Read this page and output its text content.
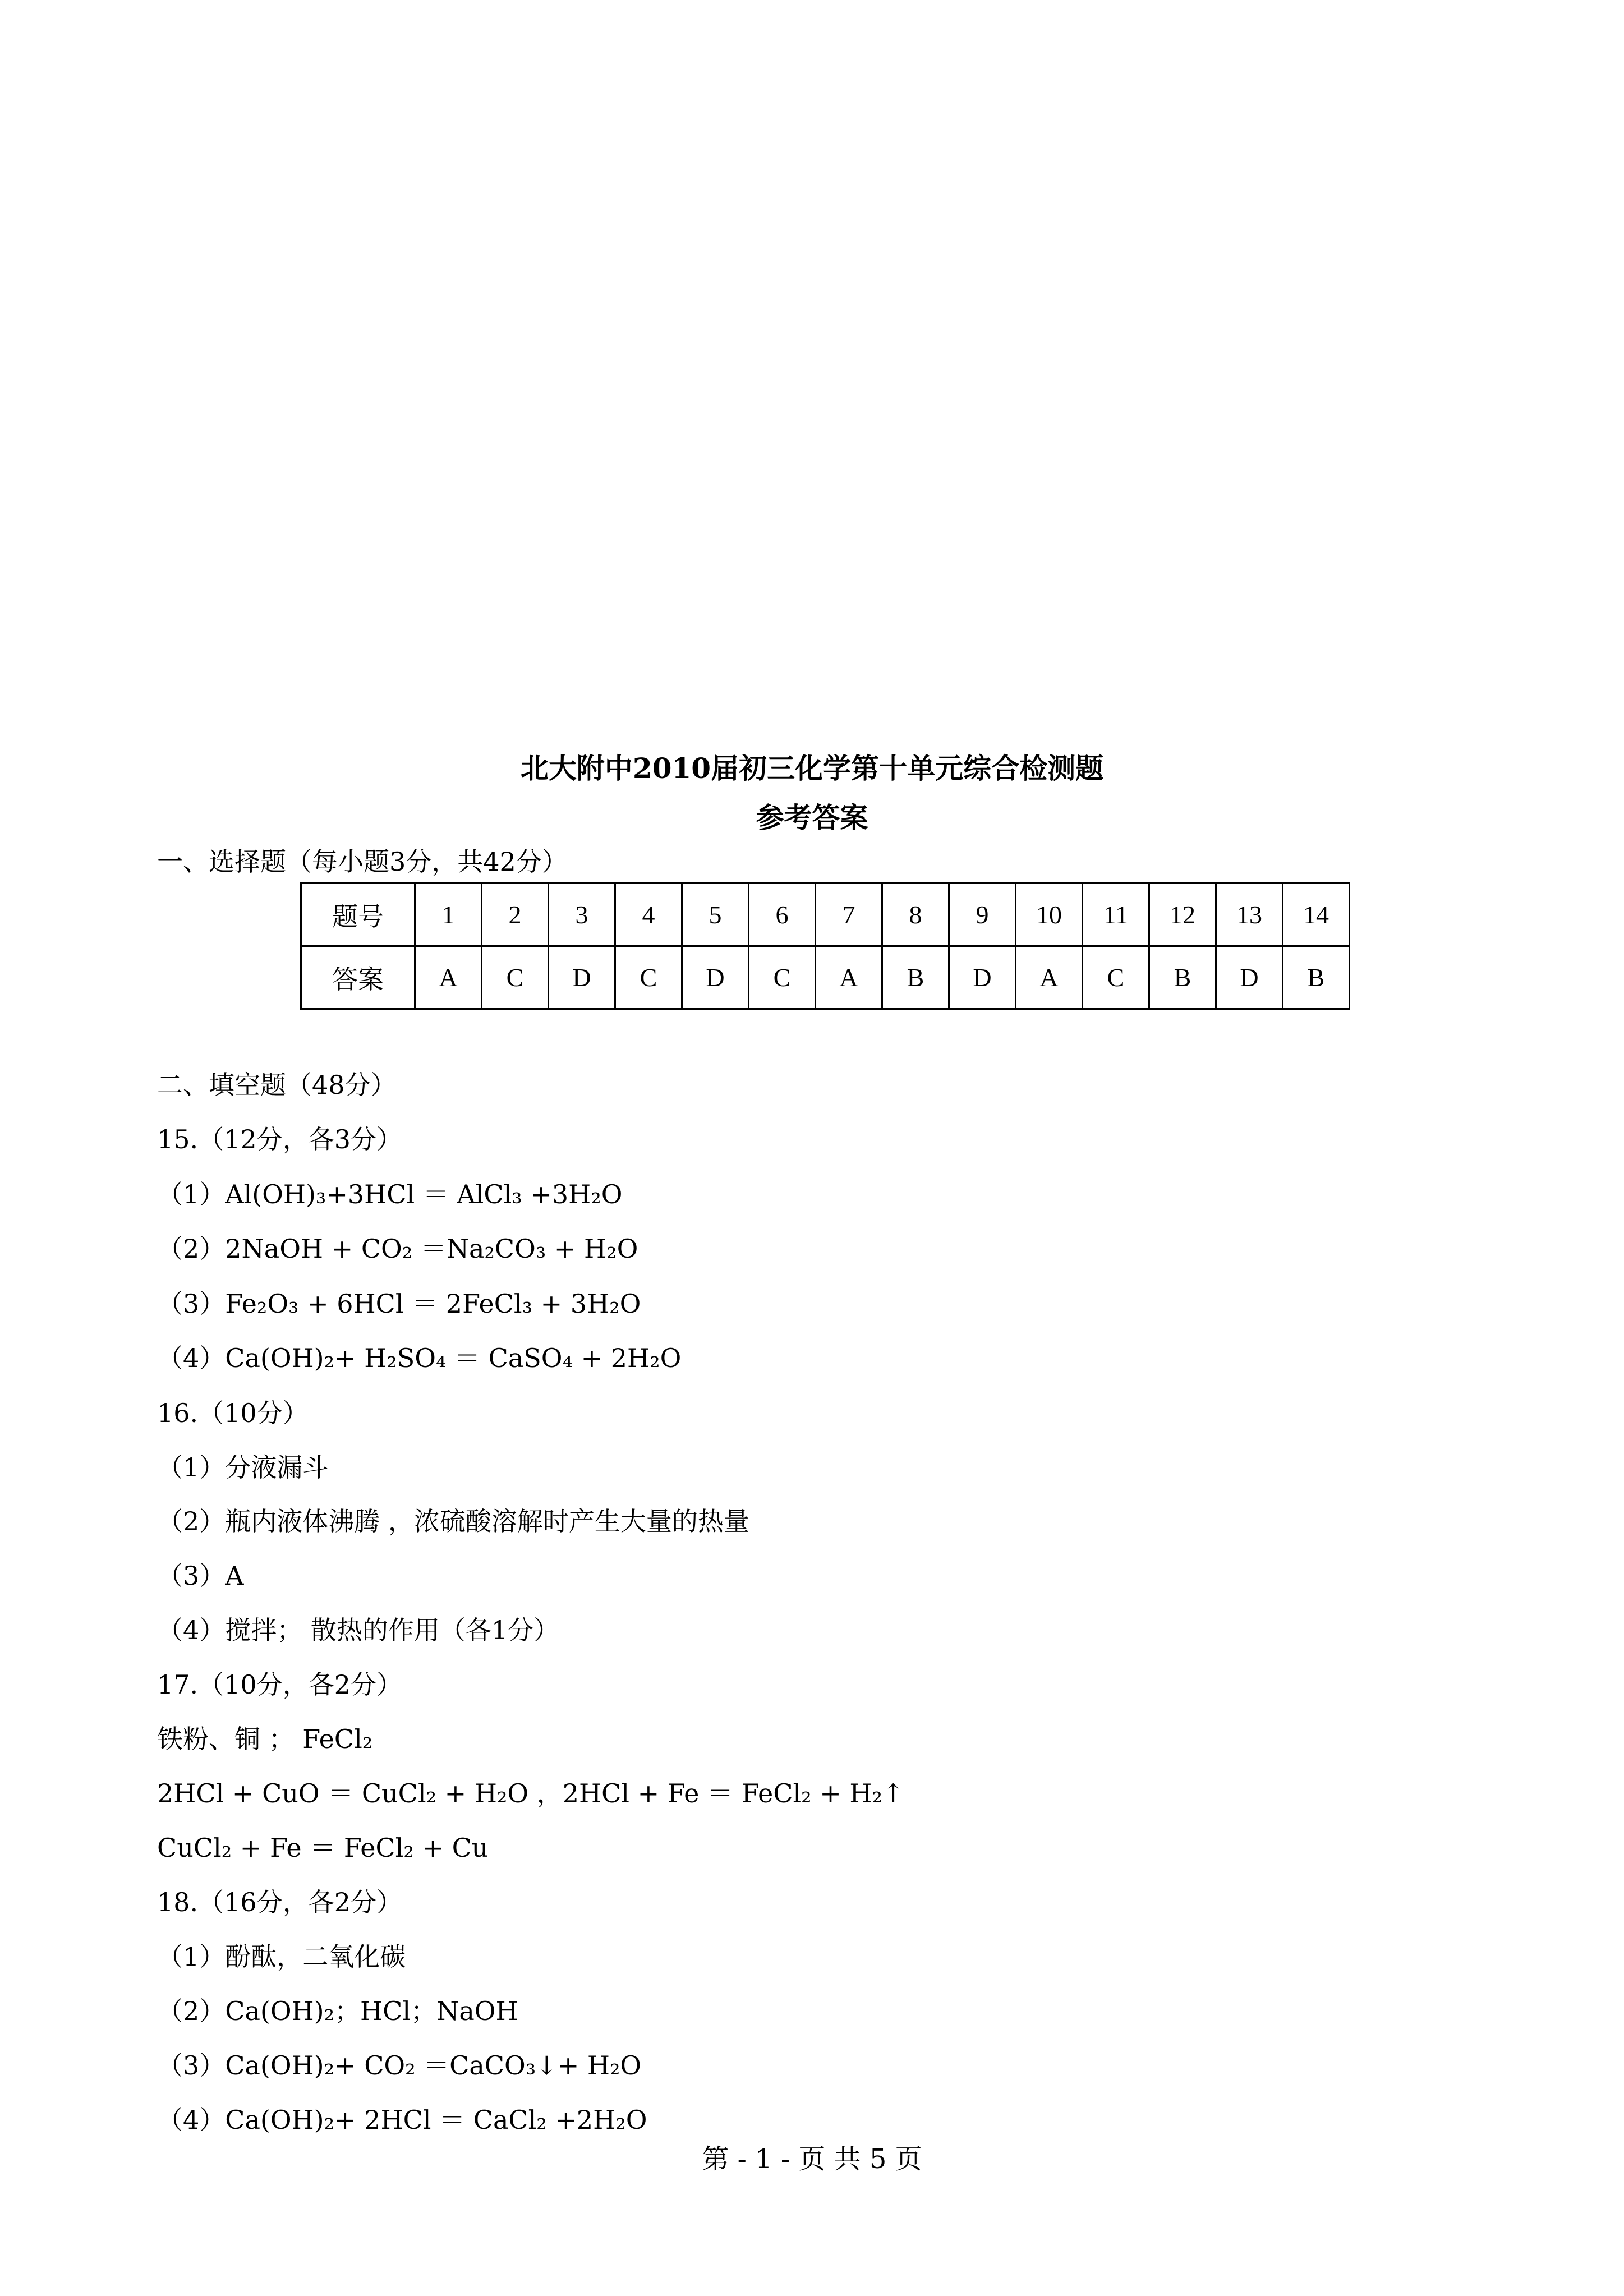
北大附中2010届初三化学第十单元综合检测题
参考答案
一、选择题（每小题3分，共42分）
题号	1	2	3	4	5	6	7	8	9	10	11	12	13	14
答案	A	C	D	C	D	C	A	B	D	A	C	B	D	B
二、填空题（48分）
15.（12分，各3分）
（1）Al(OH)₃+3HCl ＝ AlCl₃ +3H₂O
（2）2NaOH + CO₂ ＝Na₂CO₃ + H₂O
（3）Fe₂O₃ + 6HCl ＝ 2FeCl₃ + 3H₂O
（4）Ca(OH)₂+ H₂SO₄ ＝ CaSO₄ + 2H₂O
16.（10分）
（1）分液漏斗
（2）瓶内液体沸腾 ，浓硫酸溶解时产生大量的热量
（3）A
（4）搅拌； 散热的作用（各1分）
17.（10分，各2分）
铁粉、铜 ； FeCl₂
2HCl + CuO ＝ CuCl₂ + H₂O ，2HCl + Fe ＝ FeCl₂ + H₂↑
CuCl₂ + Fe ＝ FeCl₂ + Cu
18.（16分，各2分）
（1）酚酞，二氧化碳
（2）Ca(OH)₂；HCl；NaOH
（3）Ca(OH)₂+ CO₂ ＝CaCO₃↓+ H₂O
（4）Ca(OH)₂+ 2HCl ＝ CaCl₂ +2H₂O
第 - 1 - 页 共 5 页
